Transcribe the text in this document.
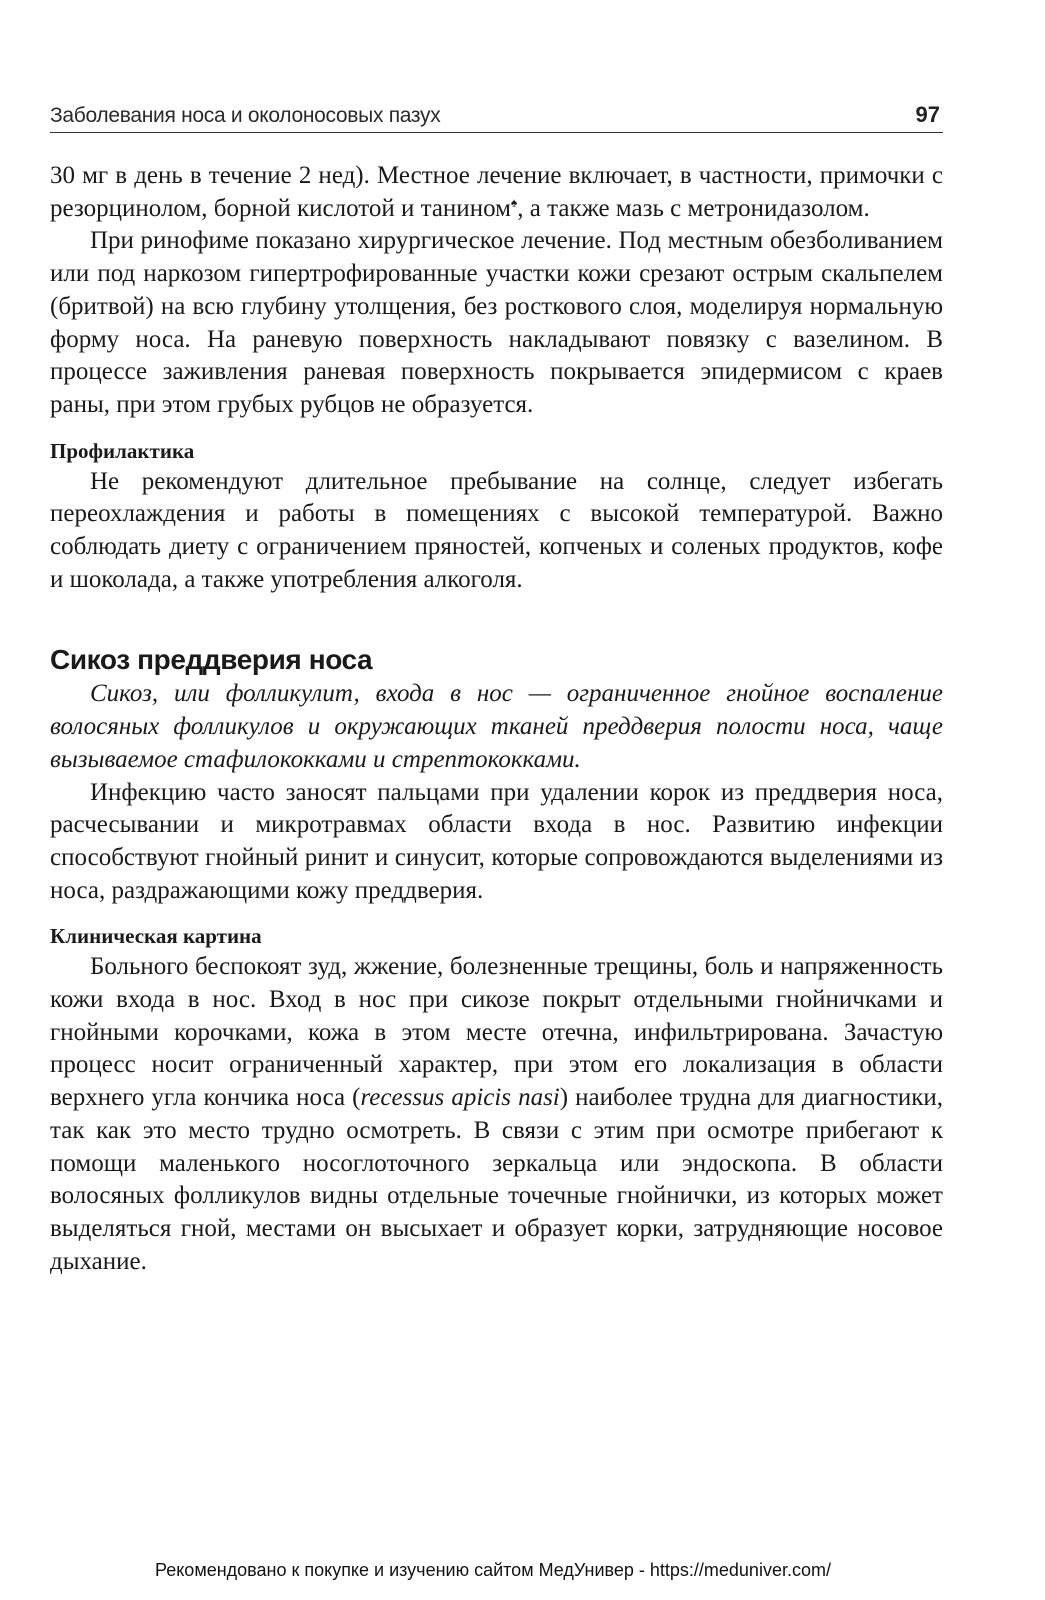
Заболевания носа и околоносовых пазух	97

30 мг в день в течение 2 нед). Местное лечение включает, в частности, примочки с резорцинолом, борной кислотой и танином♠, а также мазь с метронидазолом.

При ринофиме показано хирургическое лечение. Под местным обезболиванием или под наркозом гипертрофированные участки кожи срезают острым скальпелем (бритвой) на всю глубину утолщения, без росткового слоя, моделируя нормальную форму носа. На раневую поверхность накладывают повязку с вазелином. В процессе заживления раневая поверхность покрывается эпидермисом с краев раны, при этом грубых рубцов не образуется.

Профилактика

Не рекомендуют длительное пребывание на солнце, следует избегать переохлаждения и работы в помещениях с высокой температурой. Важно соблюдать диету с ограничением пряностей, копченых и соленых продуктов, кофе и шоколада, а также употребления алкоголя.

Сикоз преддверия носа

Сикоз, или фолликулит, входа в нос — ограниченное гнойное воспаление волосяных фолликулов и окружающих тканей преддверия полости носа, чаще вызываемое стафилококками и стрептококками.

Инфекцию часто заносят пальцами при удалении корок из преддверия носа, расчесывании и микротравмах области входа в нос. Развитию инфекции способствуют гнойный ринит и синусит, которые сопровождаются выделениями из носа, раздражающими кожу преддверия.

Клиническая картина

Больного беспокоят зуд, жжение, болезненные трещины, боль и напряженность кожи входа в нос. Вход в нос при сикозе покрыт отдельными гнойничками и гнойными корочками, кожа в этом месте отечна, инфильтрирована. Зачастую процесс носит ограниченный характер, при этом его локализация в области верхнего угла кончика носа (recessus apicis nasi) наиболее трудна для диагностики, так как это место трудно осмотреть. В связи с этим при осмотре прибегают к помощи маленького носоглоточного зеркальца или эндоскопа. В области волосяных фолликулов видны отдельные точечные гнойнички, из которых может выделяться гной, местами он высыхает и образует корки, затрудняющие носовое дыхание.

Рекомендовано к покупке и изучению сайтом МедУнивер - https://meduniver.com/
